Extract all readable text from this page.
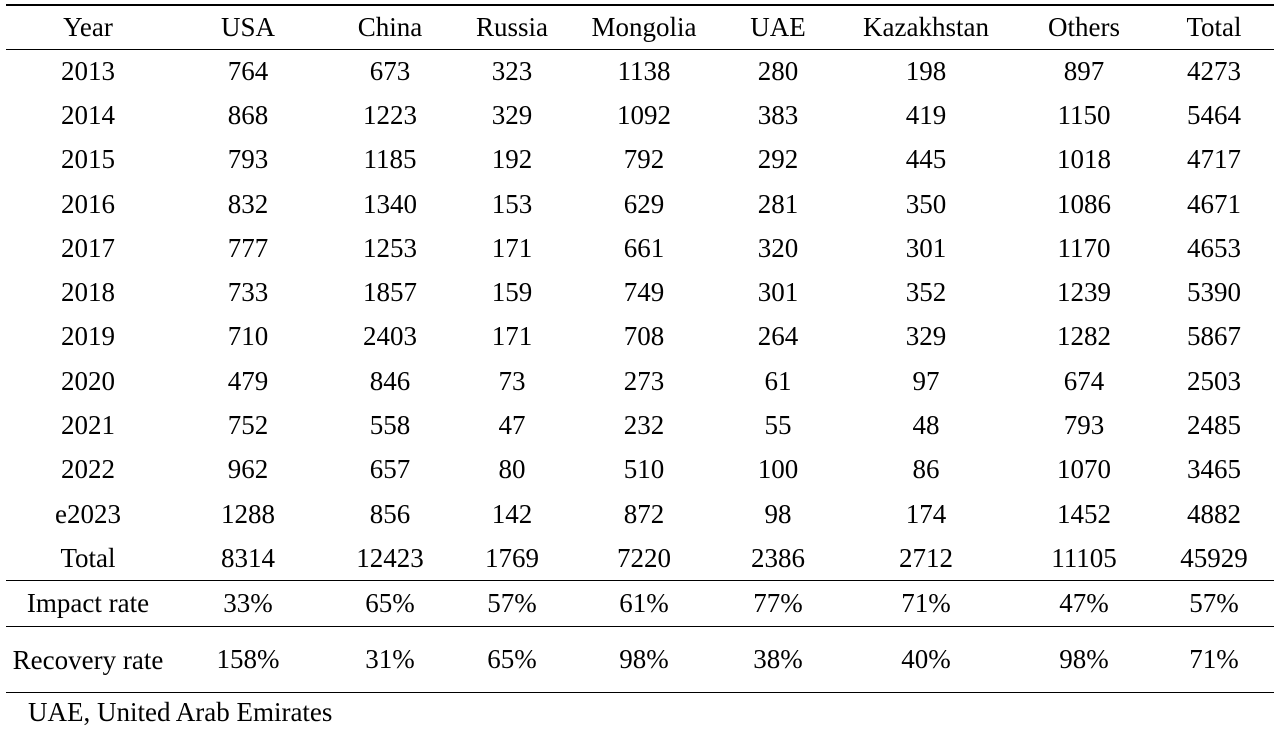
Year	USA	China	Russia	Mongolia	UAE	Kazakhstan	Others	Total
2013	764	673	323	1138	280	198	897	4273
2014	868	1223	329	1092	383	419	1150	5464
2015	793	1185	192	792	292	445	1018	4717
2016	832	1340	153	629	281	350	1086	4671
2017	777	1253	171	661	320	301	1170	4653
2018	733	1857	159	749	301	352	1239	5390
2019	710	2403	171	708	264	329	1282	5867
2020	479	846	73	273	61	97	674	2503
2021	752	558	47	232	55	48	793	2485
2022	962	657	80	510	100	86	1070	3465
e2023	1288	856	142	872	98	174	1452	4882
Total	8314	12423	1769	7220	2386	2712	11105	45929
Impact rate	33%	65%	57%	61%	77%	71%	47%	57%
Recovery rate	158%	31%	65%	98%	38%	40%	98%	71%
UAE, United Arab Emirates
